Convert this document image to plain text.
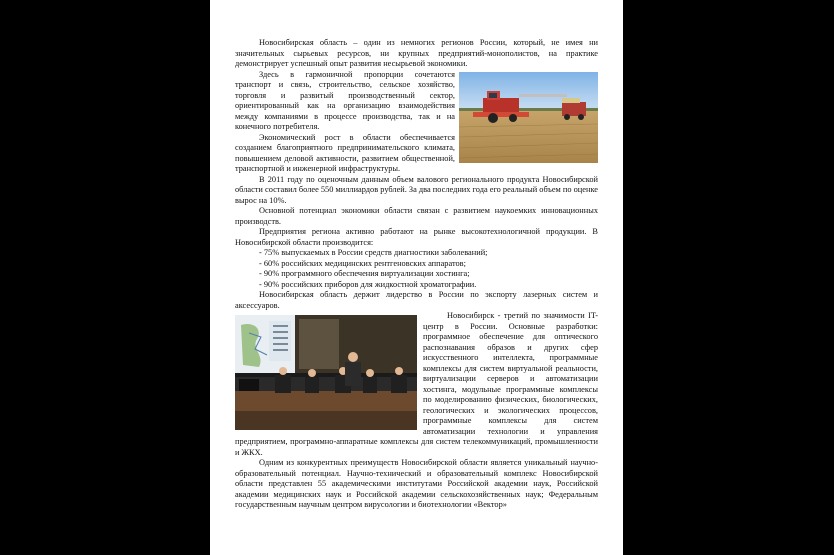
Новосибирская область – один из немногих регионов России, который, не имея ни значительных сырьевых ресурсов, ни крупных предприятий-монополистов, на практике демонстрирует успешный опыт развития несырьевой экономики.

Здесь в гармоничной пропорции сочетаются транспорт и связь, строительство, сельское хозяйство, торговля и развитый производственный сектор, ориентированный как на организацию взаимодействия между компаниями в процессе производства, так и на конечного потребителя.

Экономический рост в области обеспечивается созданием благоприятного предпринимательского климата, повышением деловой активности, развитием общественной, транспортной и инженерной инфраструктуры.

В 2011 году по оценочным данным объем валового регионального продукта Новосибирской области составил более 550 миллиардов рублей. За два последних года его реальный объем по оценке вырос на 10%.

Основной потенциал экономики области связан с развитием наукоемких инновационных производств.

Предприятия региона активно работают на рынке высокотехнологичной продукции. В Новосибирской области производится:

- 75% выпускаемых в России средств диагностики заболеваний;

- 60% российских медицинских рентгеновских аппаратов;

- 90% программного обеспечения виртуализации хостинга;

- 90% российских приборов для жидкостной хроматографии.

Новосибирская область держит лидерство в России по экспорту лазерных систем и аксессуаров.

Новосибирск - третий по значимости IT-центр в России. Основные разработки: программное обеспечение для оптического распознавания образов и других сфер искусственного интеллекта, программные комплексы для систем виртуальной реальности, виртуализации серверов и автоматизации хостинга, модульные программные комплексы по моделированию физических, биологических, геологических и экологических процессов, программные комплексы для систем автоматизации технологии и управления предприятием, программно-аппаратные комплексы для систем телекоммуникаций, промышленности и ЖКХ.

Одним из конкурентных преимуществ Новосибирской области является уникальный научно-образовательный потенциал. Научно-технический и образовательный комплекс Новосибирской области представлен 55 академическими институтами Российской академии наук, Российской академии медицинских наук и Российской академии сельскохозяйственных наук; Федеральным государственным научным центром вирусологии и биотехнологии «Вектор»
